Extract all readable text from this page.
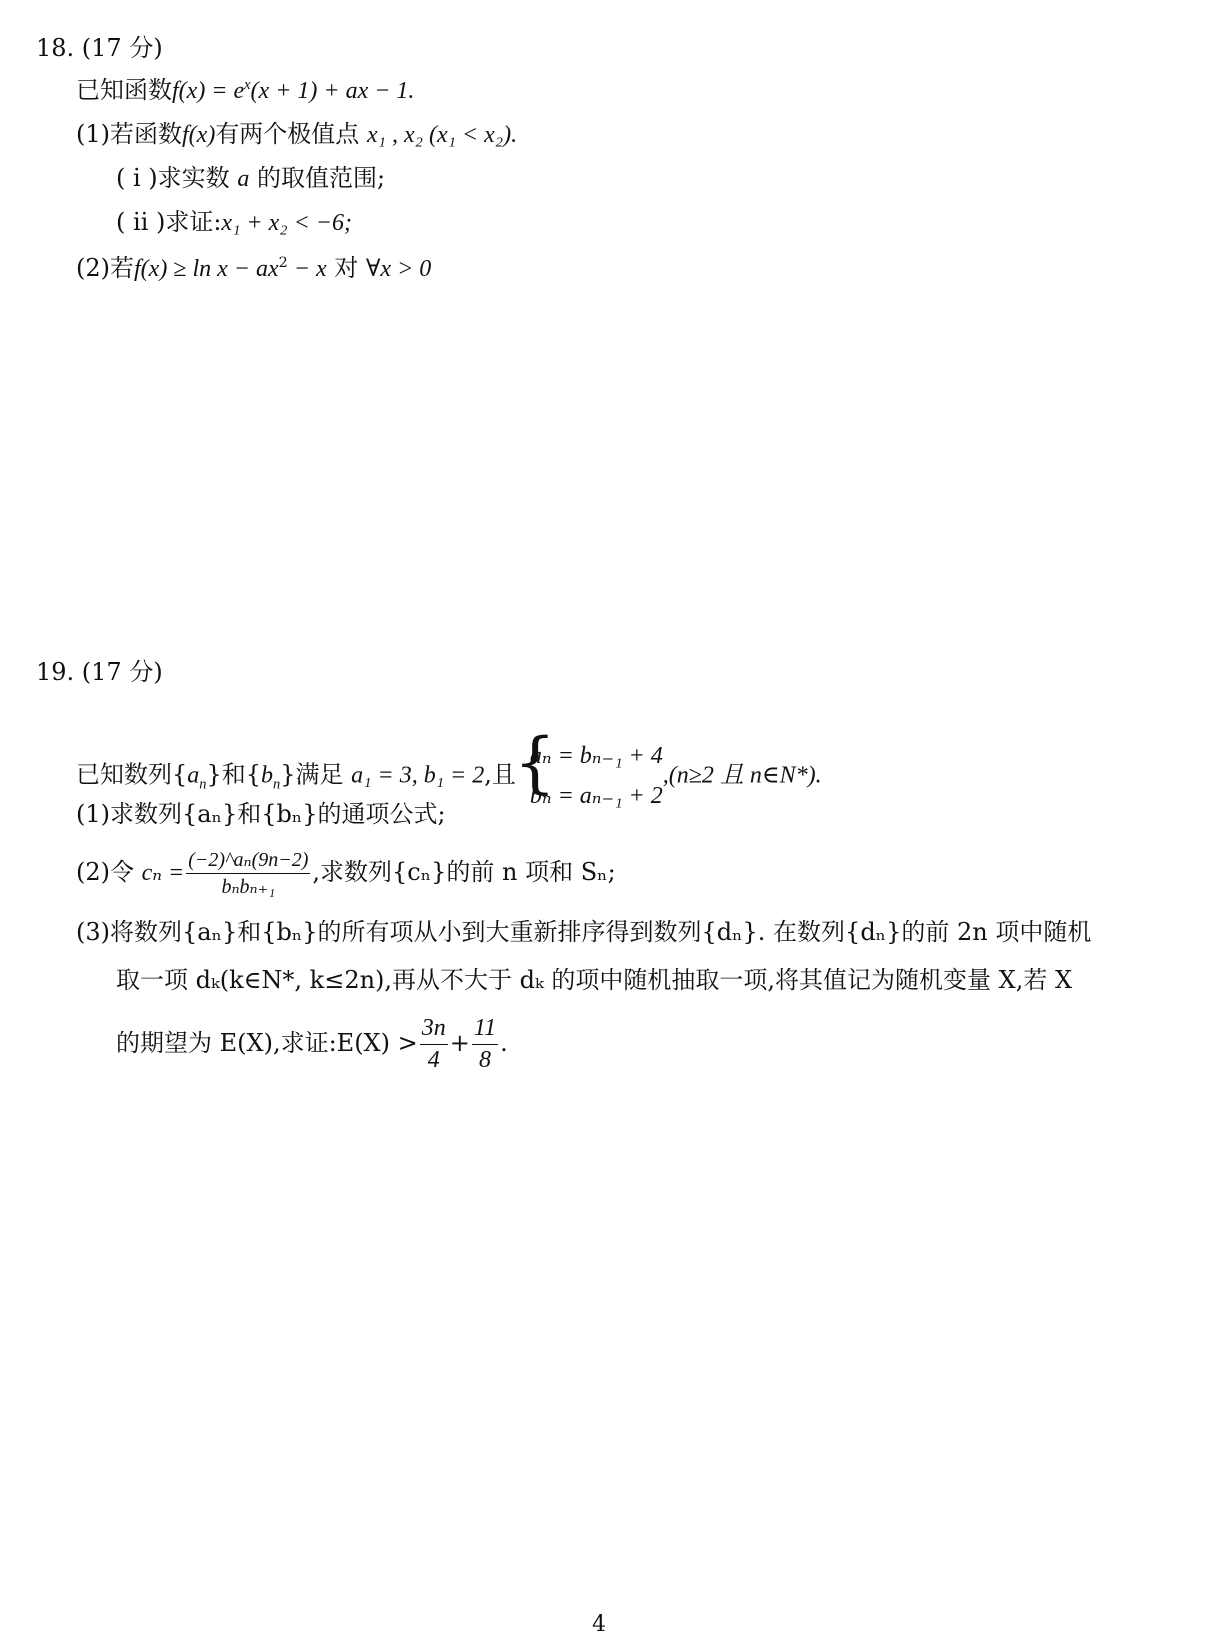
18. (17 分)
已知函数$f(x) = e^x(x + 1)$ + ax − 1.
(1)若函数f(x)有两个极值点 x₁ , x₂ (x₁ < x₂).
( ⅰ )求实数 a 的取值范围;
( ⅱ )求证:x₁ + x₂ < −6;
(2)若$f(x) \ge \ln x - ax^2 - x$ 对 ∀x > 0
19. (17 分)
已知数列$\{a_n\}$和$\{b_n\}$满足 a₁ = 3, b₁ = 2,且
{
aₙ = bₙ₋₁ + 4
bₙ = aₙ₋₁ + 2
,(n≥2 且 n∈N*).
(1)求数列{aₙ}和{bₙ}的通项公式;
(2)令 $c_n = \frac{\text{(−2)\textasciicircum{}aₙ(9n−2)}}{\text{bₙbₙ₊₁}}$ ,求数列{cₙ}的前 n 项和 Sₙ;
(3)将数列{aₙ}和{bₙ}的所有项从小到大重新排序得到数列{dₙ}. 在数列{dₙ}的前 2n 项中随机
取一项 dₖ(k∈N*, k≤2n),再从不大于 dₖ 的项中随机抽取一项,将其值记为随机变量 X,若 X
的期望为 E(X),求证:E(X) > $\frac{3n}{4} + \frac{11}{8}$ .
4
